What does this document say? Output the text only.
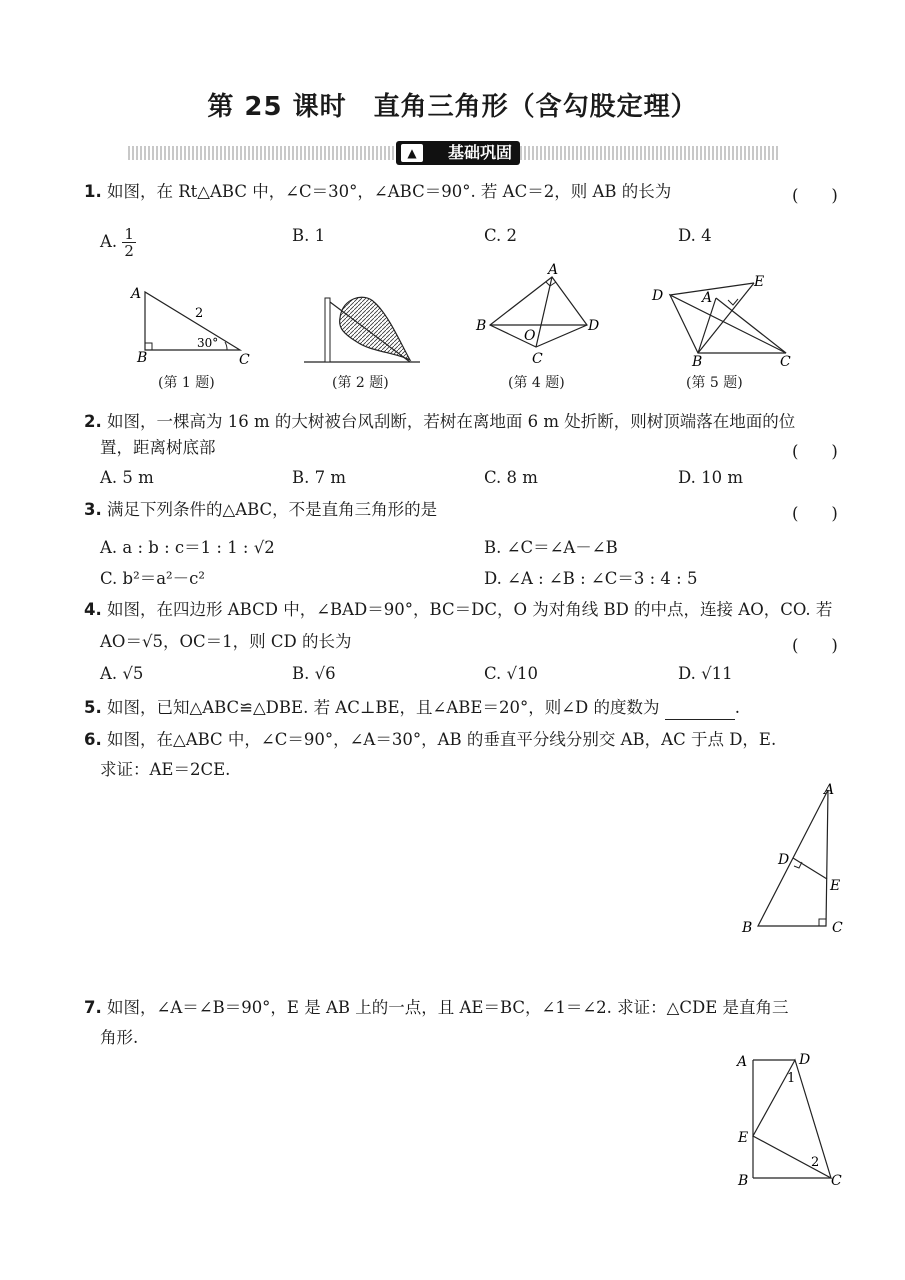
第 25 课时　直角三角形（含勾股定理）
▲	基础巩固
1. 如图，在 Rt△ABC 中，∠C＝30°，∠ABC＝90°. 若 AC＝2，则 AB 的长为	(　　)
A. $\frac{1}{2}$	B. 1	C. 2	D. 4
A
B	C
2
30°
(第 1 题)	(第 2 题)
A
B
C
D
O
(第 4 题)
D	A
E
B	C
(第 5 题)
2. 如图，一棵高为 16 m 的大树被台风刮断，若树在离地面 6 m 处折断，则树顶端落在地面的位
置，距离树底部	(　　)
A. 5 m	B. 7 m	C. 8 m	D. 10 m
3. 满足下列条件的△ABC，不是直角三角形的是	(　　)
A. a : b : c＝1 : 1 : √2	B. ∠C＝∠A－∠B
C. b²＝a²－c²	D. ∠A : ∠B : ∠C＝3 : 4 : 5
4. 如图，在四边形 ABCD 中，∠BAD＝90°，BC＝DC，O 为对角线 BD 的中点，连接 AO，CO. 若
AO＝√5，OC＝1，则 CD 的长为	(　　)
A. √5	B. √6	C. √10	D. √11
5. 如图，已知△ABC≌△DBE. 若 AC⊥BE，且∠ABE＝20°，则∠D 的度数为	.
6. 如图，在△ABC 中，∠C＝90°，∠A＝30°，AB 的垂直平分线分别交 AB，AC 于点 D，E.
求证：AE＝2CE.
A
D
E
B	C
7. 如图，∠A＝∠B＝90°，E 是 AB 上的一点，且 AE＝BC，∠1＝∠2. 求证：△CDE 是直角三
角形.
A	D
E
B	C
1
2
